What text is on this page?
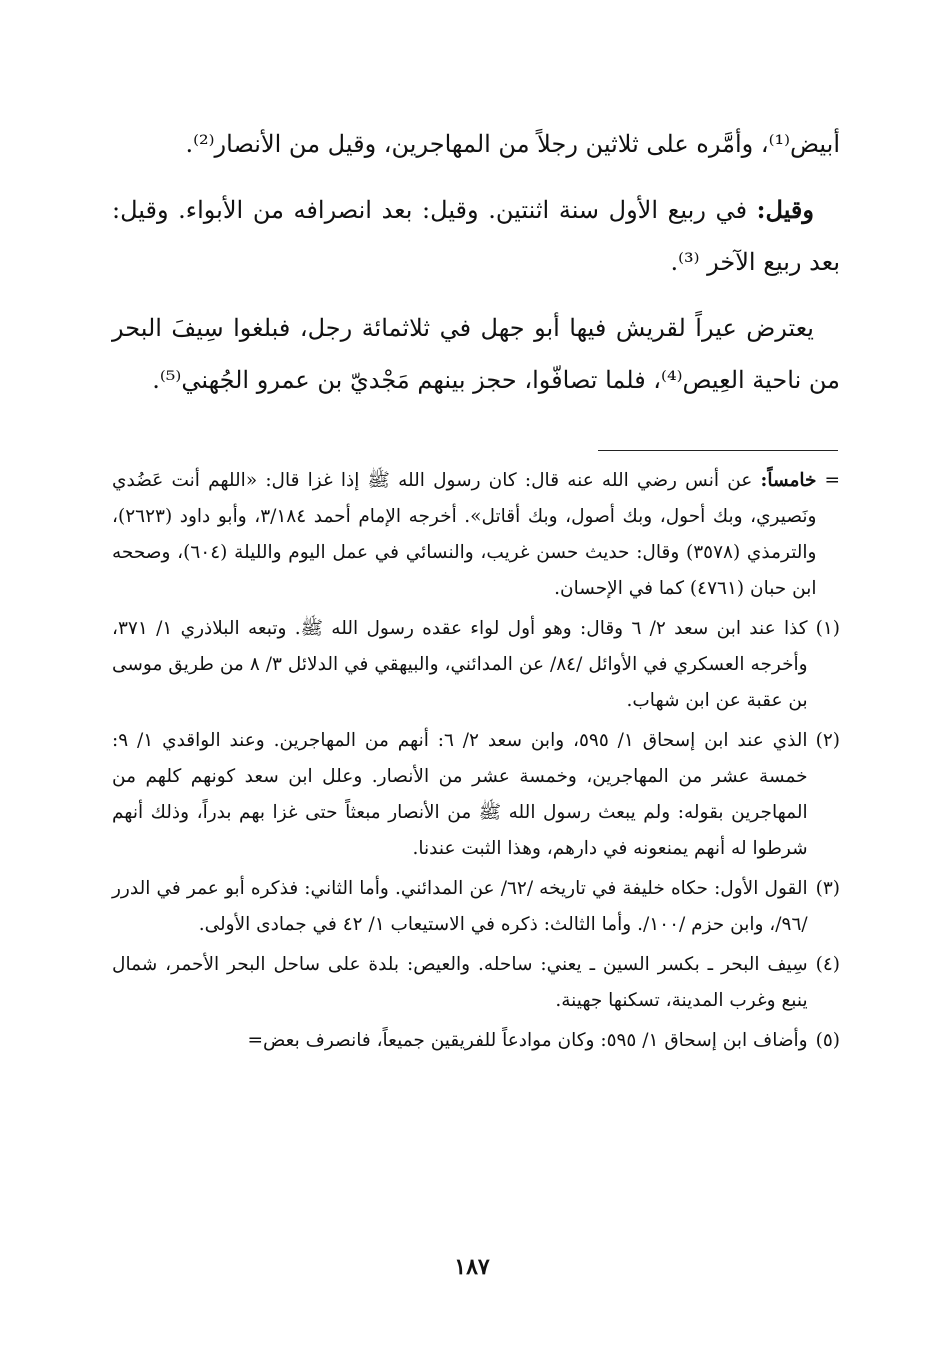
أبيض⁽¹⁾، وأمَّره على ثلاثين رجلاً من المهاجرين، وقيل من الأنصار⁽²⁾.

وقيل: في ربيع الأول سنة اثنتين. وقيل: بعد انصرافه من الأبواء. وقيل: بعد ربيع الآخر ⁽³⁾.

يعترض عيراً لقريش فيها أبو جهل في ثلاثمائة رجل، فبلغوا سِيفَ البحر من ناحية العِيص⁽⁴⁾، فلما تصافّوا، حجز بينهم مَجْديّ بن عمرو الجُهني⁽⁵⁾.

=
خامساً: عن أنس رضي الله عنه قال: كان رسول الله ﷺ إذا غزا قال: «اللهم أنت عَضُدي ونَصيري، وبك أحول، وبك أصول، وبك أقاتل». أخرجه الإمام أحمد ٣/١٨٤، وأبو داود (٢٦٢٣)، والترمذي (٣٥٧٨) وقال: حديث حسن غريب، والنسائي في عمل اليوم والليلة (٦٠٤)، وصححه ابن حبان (٤٧٦١) كما في الإحسان.
(١)
كذا عند ابن سعد ٢/ ٦ وقال: وهو أول لواء عقده رسول الله ﷺ. وتبعه البلاذري ١/ ٣٧١، وأخرجه العسكري في الأوائل /٨٤/ عن المدائني، والبيهقي في الدلائل ٣/ ٨ من طريق موسى بن عقبة عن ابن شهاب.
(٢)
الذي عند ابن إسحاق ١/ ٥٩٥، وابن سعد ٢/ ٦: أنهم من المهاجرين. وعند الواقدي ١/ ٩: خمسة عشر من المهاجرين، وخمسة عشر من الأنصار. وعلل ابن سعد كونهم كلهم من المهاجرين بقوله: ولم يبعث رسول الله ﷺ من الأنصار مبعثاً حتى غزا بهم بدراً، وذلك أنهم شرطوا له أنهم يمنعونه في دارهم، وهذا الثبت عندنا.
(٣)
القول الأول: حكاه خليفة في تاريخه /٦٢/ عن المدائني. وأما الثاني: فذكره أبو عمر في الدرر /٩٦/، وابن حزم /١٠٠/. وأما الثالث: ذكره في الاستيعاب ١/ ٤٢ في جمادى الأولى.
(٤)
سِيف البحر ـ بكسر السين ـ يعني: ساحله. والعيص: بلدة على ساحل البحر الأحمر، شمال ينبع وغرب المدينة، تسكنها جهينة.
(٥)
وأضاف ابن إسحاق ١/ ٥٩٥: وكان موادعاً للفريقين جميعاً، فانصرف بعض=
١٨٧
